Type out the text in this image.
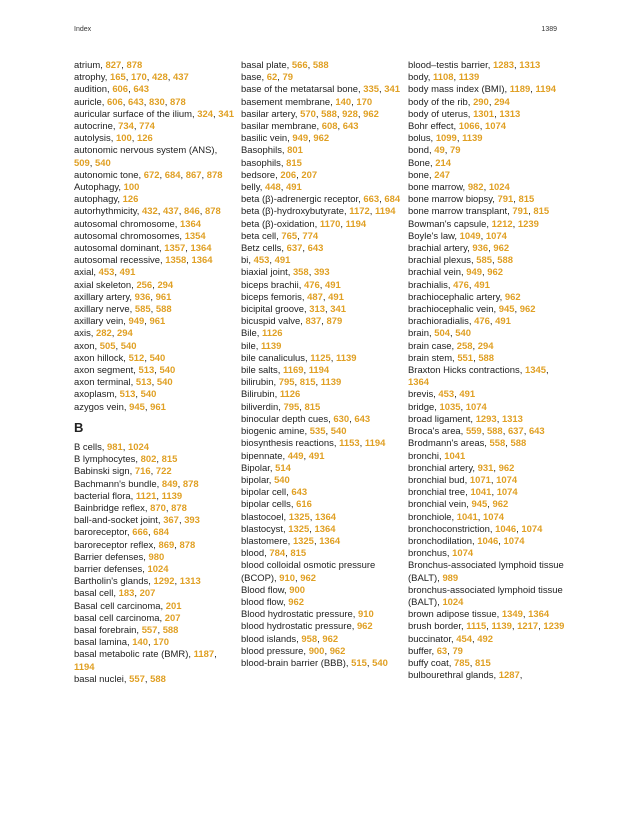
Index	1389
atrium, 827, 878
atrophy, 165, 170, 428, 437
audition, 606, 643
auricle, 606, 643, 830, 878
auricular surface of the ilium, 324, 341
autocrine, 734, 774
autolysis, 100, 126
autonomic nervous system (ANS), 509, 540
autonomic tone, 672, 684, 867, 878
Autophagy, 100
autophagy, 126
autorhythmicity, 432, 437, 846, 878
autosomal chromosome, 1364
autosomal chromosomes, 1354
autosomal dominant, 1357, 1364
autosomal recessive, 1358, 1364
axial, 453, 491
axial skeleton, 256, 294
axillary artery, 936, 961
axillary nerve, 585, 588
axillary vein, 949, 961
axis, 282, 294
axon, 505, 540
axon hillock, 512, 540
axon segment, 513, 540
axon terminal, 513, 540
axoplasm, 513, 540
azygos vein, 945, 961
B
B cells, 981, 1024
B lymphocytes, 802, 815
Babinski sign, 716, 722
Bachmann's bundle, 849, 878
bacterial flora, 1121, 1139
Bainbridge reflex, 870, 878
ball-and-socket joint, 367, 393
baroreceptor, 666, 684
baroreceptor reflex, 869, 878
Barrier defenses, 980
barrier defenses, 1024
Bartholin's glands, 1292, 1313
basal cell, 183, 207
Basal cell carcinoma, 201
basal cell carcinoma, 207
basal forebrain, 557, 588
basal lamina, 140, 170
basal metabolic rate (BMR), 1187, 1194
basal nuclei, 557, 588
basal plate, 566, 588
base, 62, 79
base of the metatarsal bone, 335, 341
basement membrane, 140, 170
basilar artery, 570, 588, 928, 962
basilar membrane, 608, 643
basilic vein, 949, 962
Basophils, 801
basophils, 815
bedsore, 206, 207
belly, 448, 491
beta (β)-adrenergic receptor, 663, 684
beta (β)-hydroxybutyrate, 1172, 1194
beta (β)-oxidation, 1170, 1194
beta cell, 765, 774
Betz cells, 637, 643
bi, 453, 491
biaxial joint, 358, 393
biceps brachii, 476, 491
biceps femoris, 487, 491
bicipital groove, 313, 341
bicuspid valve, 837, 879
Bile, 1126
bile, 1139
bile canaliculus, 1125, 1139
bile salts, 1169, 1194
bilirubin, 795, 815, 1139
Bilirubin, 1126
biliverdin, 795, 815
binocular depth cues, 630, 643
biogenic amine, 535, 540
biosynthesis reactions, 1153, 1194
bipennate, 449, 491
Bipolar, 514
bipolar, 540
bipolar cell, 643
bipolar cells, 616
blastocoel, 1325, 1364
blastocyst, 1325, 1364
blastomere, 1325, 1364
blood, 784, 815
blood colloidal osmotic pressure (BCOP), 910, 962
Blood flow, 900
blood flow, 962
Blood hydrostatic pressure, 910
blood hydrostatic pressure, 962
blood islands, 958, 962
blood pressure, 900, 962
blood-brain barrier (BBB), 515, 540
blood–testis barrier, 1283, 1313
body, 1108, 1139
body mass index (BMI), 1189, 1194
body of the rib, 290, 294
body of uterus, 1301, 1313
Bohr effect, 1066, 1074
bolus, 1099, 1139
bond, 49, 79
Bone, 214
bone, 247
bone marrow, 982, 1024
bone marrow biopsy, 791, 815
bone marrow transplant, 791, 815
Bowman's capsule, 1212, 1239
Boyle's law, 1049, 1074
brachial artery, 936, 962
brachial plexus, 585, 588
brachial vein, 949, 962
brachialis, 476, 491
brachiocephalic artery, 962
brachiocephalic vein, 945, 962
brachioradialis, 476, 491
brain, 504, 540
brain case, 258, 294
brain stem, 551, 588
Braxton Hicks contractions, 1345, 1364
brevis, 453, 491
bridge, 1035, 1074
broad ligament, 1293, 1313
Broca's area, 559, 588, 637, 643
Brodmann's areas, 558, 588
bronchi, 1041
bronchial artery, 931, 962
bronchial bud, 1071, 1074
bronchial tree, 1041, 1074
bronchial vein, 945, 962
bronchiole, 1041, 1074
bronchoconstriction, 1046, 1074
bronchodilation, 1046, 1074
bronchus, 1074
Bronchus-associated lymphoid tissue (BALT), 989
bronchus-associated lymphoid tissue (BALT), 1024
brown adipose tissue, 1349, 1364
brush border, 1115, 1139, 1217, 1239
buccinator, 454, 492
buffer, 63, 79
buffy coat, 785, 815
bulbourethral glands, 1287,
